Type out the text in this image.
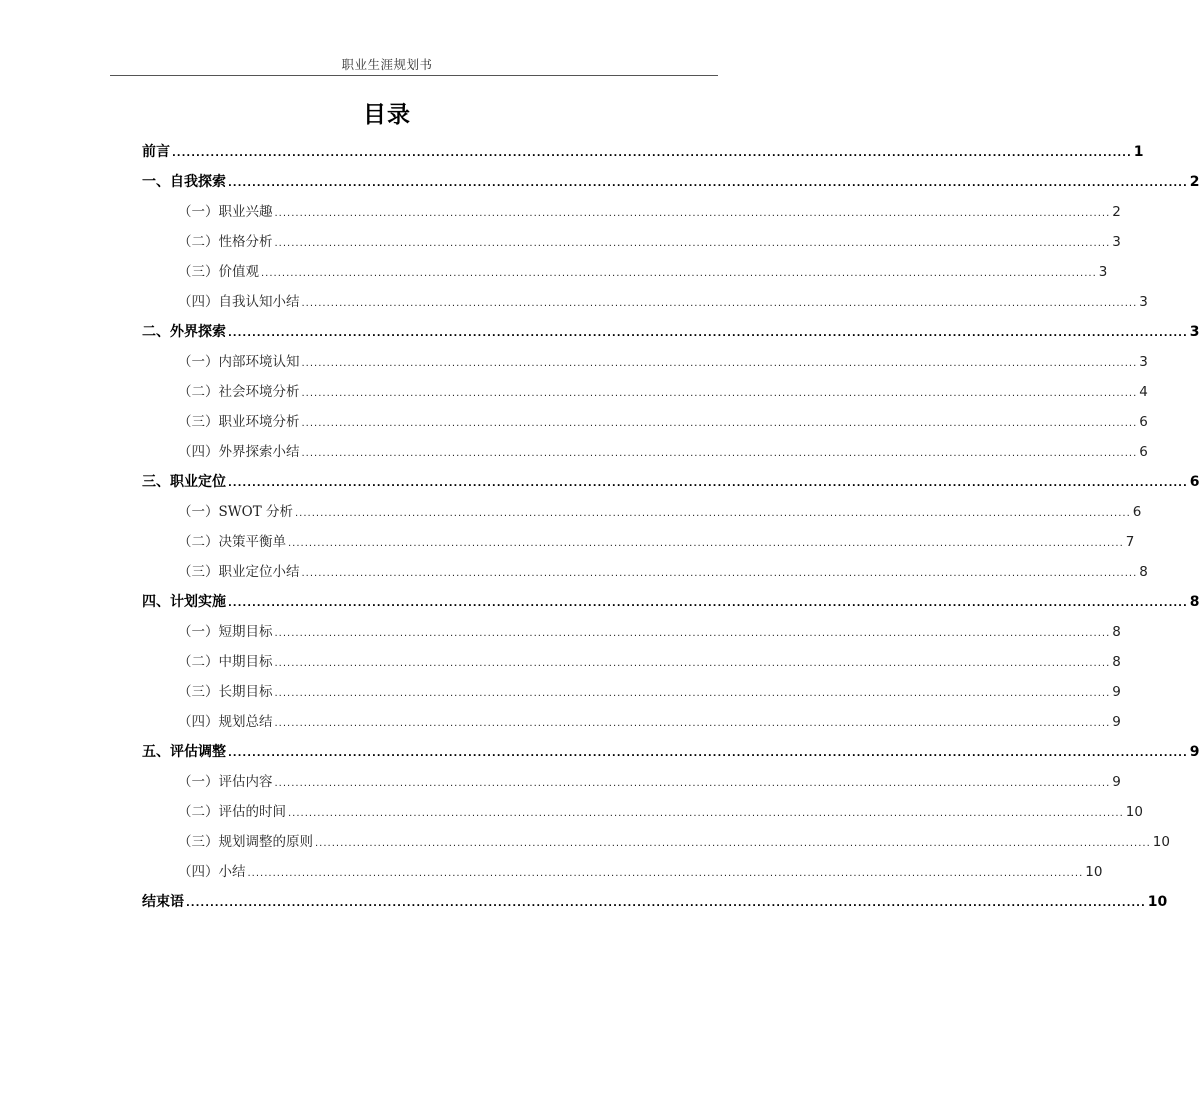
职业生涯规划书
目录
前言 ........................................................................................................................................................................................................ 1
一、自我探索 ........................................................................................................................................................................................................ 2
（一）职业兴趣 ........................................................................................................................................................................................................ 2
（二）性格分析 ........................................................................................................................................................................................................ 3
（三）价值观 ........................................................................................................................................................................................................ 3
（四）自我认知小结 ........................................................................................................................................................................................................ 3
二、外界探索 ........................................................................................................................................................................................................ 3
（一）内部环境认知 ........................................................................................................................................................................................................ 3
（二）社会环境分析 ........................................................................................................................................................................................................ 4
（三）职业环境分析 ........................................................................................................................................................................................................ 6
（四）外界探索小结 ........................................................................................................................................................................................................ 6
三、职业定位 ........................................................................................................................................................................................................ 6
（一）SWOT 分析 ........................................................................................................................................................................................................ 6
（二）决策平衡单 ........................................................................................................................................................................................................ 7
（三）职业定位小结 ........................................................................................................................................................................................................ 8
四、计划实施 ........................................................................................................................................................................................................ 8
（一）短期目标 ........................................................................................................................................................................................................ 8
（二）中期目标 ........................................................................................................................................................................................................ 8
（三）长期目标 ........................................................................................................................................................................................................ 9
（四）规划总结 ........................................................................................................................................................................................................ 9
五、评估调整 ........................................................................................................................................................................................................ 9
（一）评估内容 ........................................................................................................................................................................................................ 9
（二）评估的时间 ........................................................................................................................................................................................................ 10
（三）规划调整的原则 ........................................................................................................................................................................................................ 10
（四）小结 ........................................................................................................................................................................................................ 10
结束语 ........................................................................................................................................................................................................ 10
